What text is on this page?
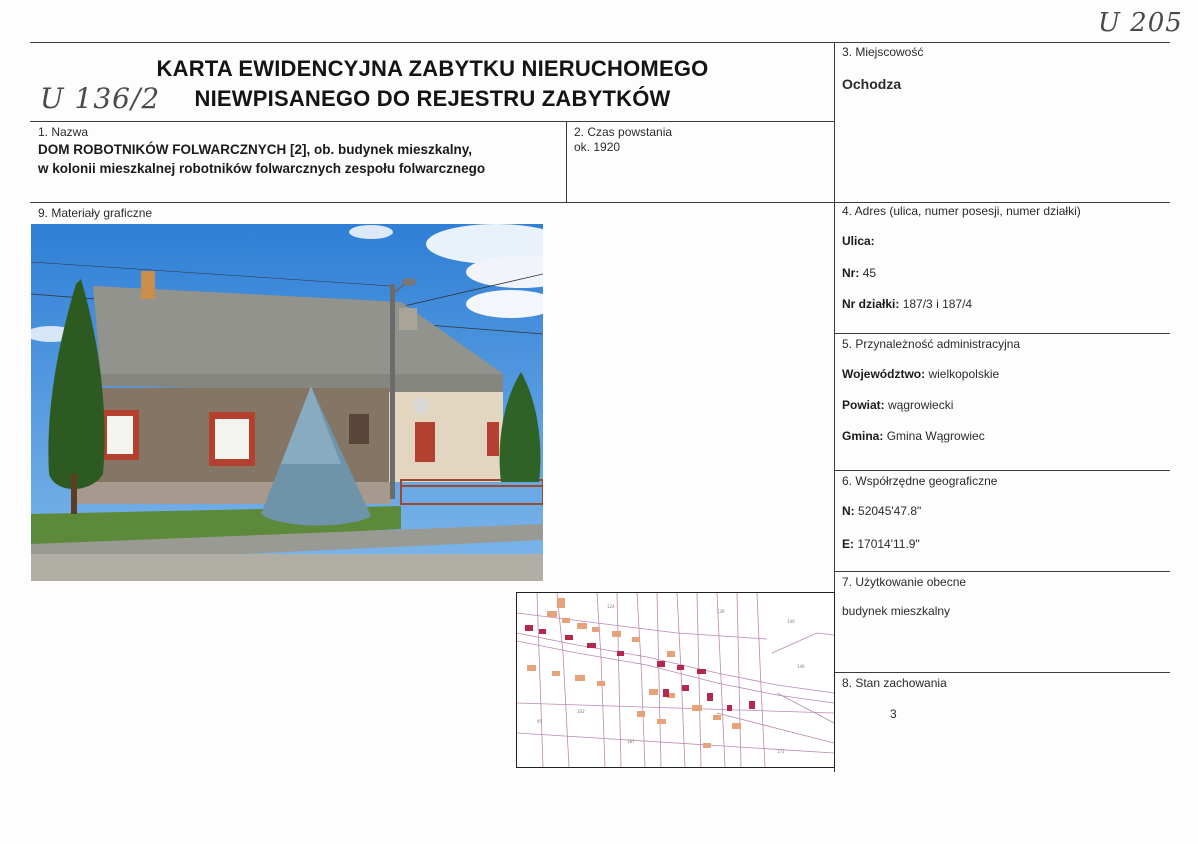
U 205
U 136/2
KARTA EWIDENCYJNA ZABYTKU NIERUCHOMEGO
NIEWPISANEGO DO REJESTRU ZABYTKÓW
1. Nazwa
DOM ROBOTNIKÓW FOLWARCZNYCH [2], ob. budynek mieszkalny,
w kolonii mieszkalnej robotników folwarcznych zespołu folwarcznego
2. Czas powstania
ok. 1920
3. Miejscowość
Ochodza
9. Materiały graficzne	4. Adres (ulica, numer posesji, numer działki)
Ulica:
Nr: 45
Nr działki: 187/3 i 187/4
5. Przynależność administracyjna
Województwo: wielkopolskie
Powiat: wągrowiecki
Gmina: Gmina Wągrowiec
6. Współrzędne geograficzne
N: 52045'47.8"
E: 17014'11.9"
7. Użytkowanie obecne
budynek mieszkalny
8. Stan zachowania
3
124
136
140
95
187
171
146
102
